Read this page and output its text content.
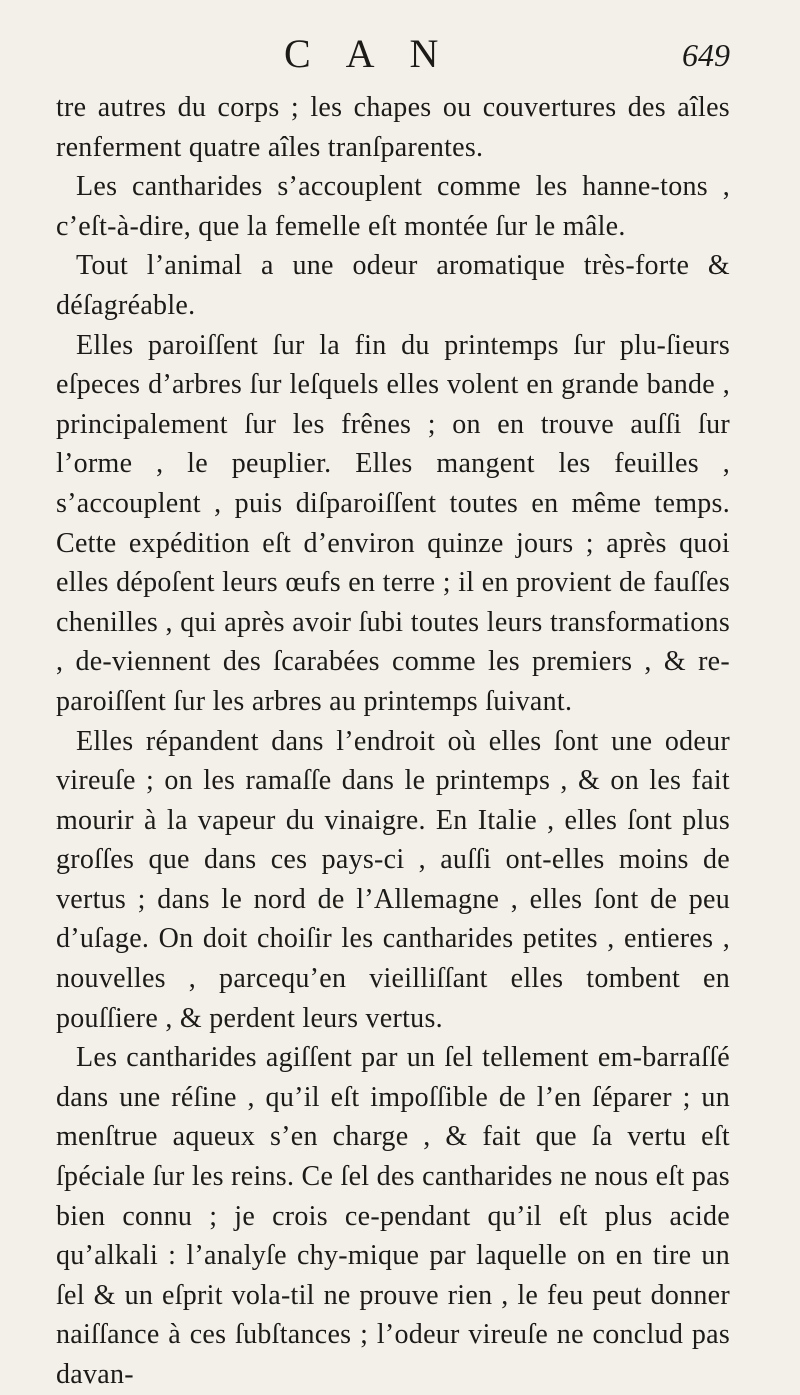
C A N	649
tre autres du corps ; les chapes ou couvertures des aîles renferment quatre aîles tranſparentes.
Les cantharides s’accouplent comme les hanne-tons , c’eſt-à-dire, que la femelle eſt montée ſur le mâle.
Tout l’animal a une odeur aromatique très-forte & déſagréable.
Elles paroiſſent ſur la fin du printemps ſur plu-ſieurs eſpeces d’arbres ſur leſquels elles volent en grande bande , principalement ſur les frênes ; on en trouve auſſi ſur l’orme , le peuplier. Elles mangent les feuilles , s’accouplent , puis diſparoiſſent toutes en même temps. Cette expédition eſt d’environ quinze jours ; après quoi elles dépoſent leurs œufs en terre ; il en provient de fauſſes chenilles , qui après avoir ſubi toutes leurs transformations , de-viennent des ſcarabées comme les premiers , & re-paroiſſent ſur les arbres au printemps ſuivant.
Elles répandent dans l’endroit où elles ſont une odeur vireuſe ; on les ramaſſe dans le printemps , & on les fait mourir à la vapeur du vinaigre. En Italie , elles ſont plus groſſes que dans ces pays-ci , auſſi ont-elles moins de vertus ; dans le nord de l’Allemagne , elles ſont de peu d’uſage. On doit choiſir les cantharides petites , entieres , nouvelles , parcequ’en vieilliſſant elles tombent en pouſſiere , & perdent leurs vertus.
Les cantharides agiſſent par un ſel tellement em-barraſſé dans une réſine , qu’il eſt impoſſible de l’en ſéparer ; un menſtrue aqueux s’en charge , & fait que ſa vertu eſt ſpéciale ſur les reins. Ce ſel des cantharides ne nous eſt pas bien connu ; je crois ce-pendant qu’il eſt plus acide qu’alkali : l’analyſe chy-mique par laquelle on en tire un ſel & un eſprit vola-til ne prouve rien , le feu peut donner naiſſance à ces ſubſtances ; l’odeur vireuſe ne conclud pas davan-
